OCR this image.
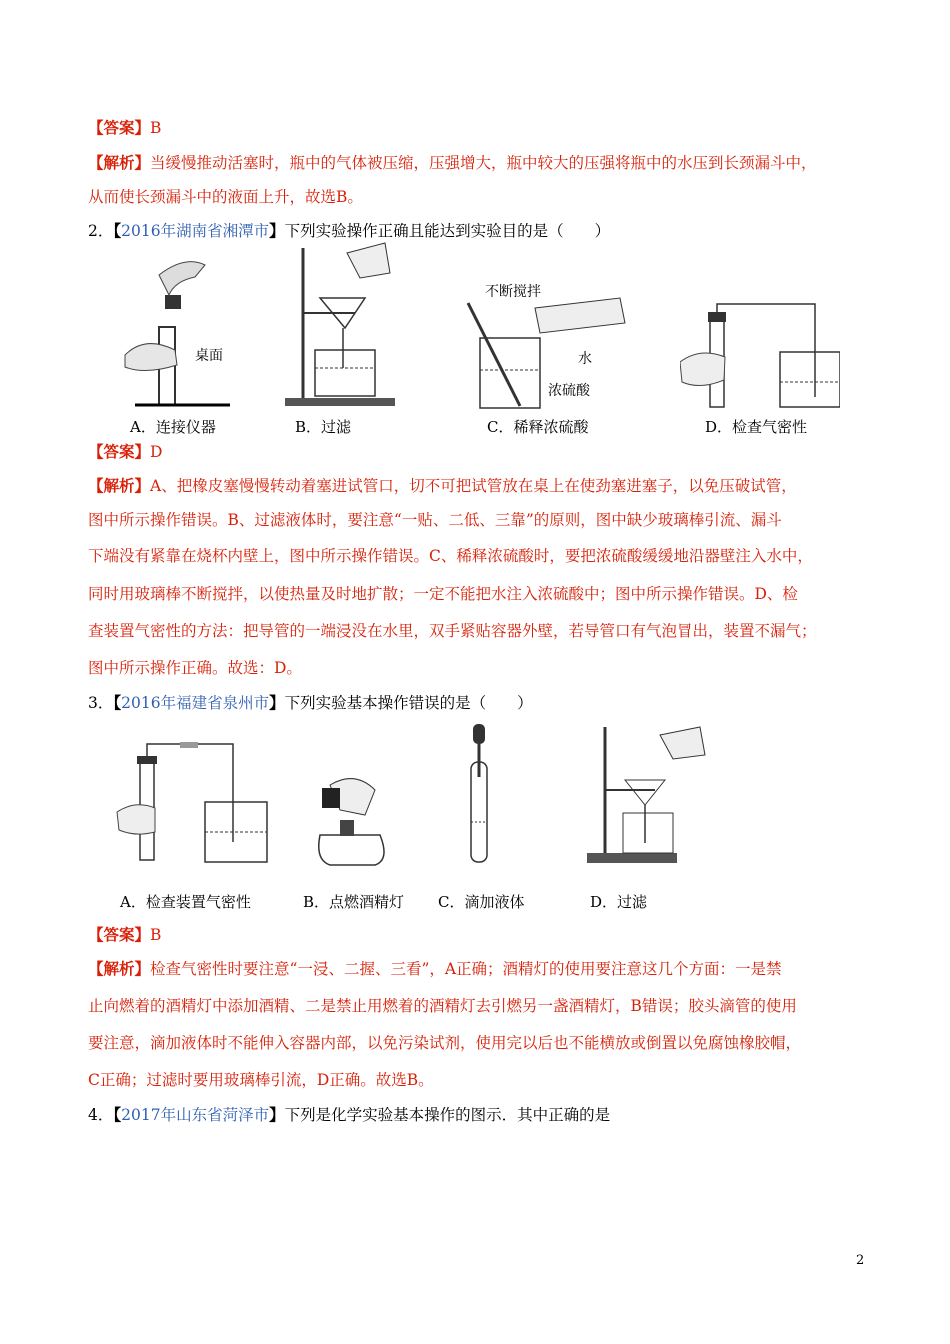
【答案】B
【解析】当缓慢推动活塞时，瓶中的气体被压缩，压强增大，瓶中较大的压强将瓶中的水压到长颈漏斗中，
从而使长颈漏斗中的液面上升，故选B。
2．【2016年湖南省湘潭市】下列实验操作正确且能达到实验目的是（　　）
桌面
不断搅拌
水
浓硫酸
A．连接仪器	B．过滤	C．稀释浓硫酸	D．检查气密性
【答案】D
【解析】A、把橡皮塞慢慢转动着塞进试管口，切不可把试管放在桌上在使劲塞进塞子，以免压破试管，
图中所示操作错误。B、过滤液体时，要注意“一贴、二低、三靠”的原则，图中缺少玻璃棒引流、漏斗
下端没有紧靠在烧杯内壁上，图中所示操作错误。C、稀释浓硫酸时，要把浓硫酸缓缓地沿器壁注入水中，
同时用玻璃棒不断搅拌，以使热量及时地扩散；一定不能把水注入浓硫酸中；图中所示操作错误。D、检
查装置气密性的方法：把导管的一端浸没在水里，双手紧贴容器外壁，若导管口有气泡冒出，装置不漏气；
图中所示操作正确。故选：D。
3．【2016年福建省泉州市】下列实验基本操作错误的是（　　）
A．检查装置气密性	B．点燃酒精灯 C．滴加液体	D．过滤
【答案】B
【解析】检查气密性时要注意“一浸、二握、三看”，A正确；酒精灯的使用要注意这几个方面：一是禁
止向燃着的酒精灯中添加酒精、二是禁止用燃着的酒精灯去引燃另一盏酒精灯，B错误；胶头滴管的使用
要注意，滴加液体时不能伸入容器内部，以免污染试剂，使用完以后也不能横放或倒置以免腐蚀橡胶帽，
C正确；过滤时要用玻璃棒引流，D正确。故选B。
4．【2017年山东省菏泽市】下列是化学实验基本操作的图示．其中正确的是
2
